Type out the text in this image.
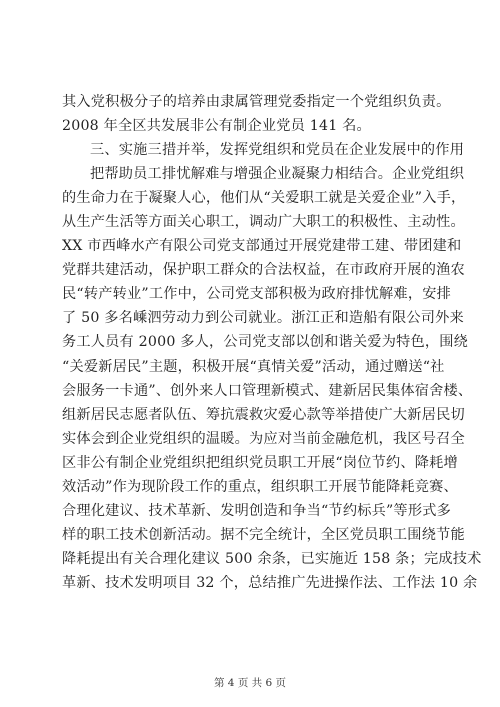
其入党积极分子的培养由隶属管理党委指定一个党组织负责。
2008 年全区共发展非公有制企业党员 141 名。
三、实施三措并举，发挥党组织和党员在企业发展中的作用
把帮助员工排忧解难与增强企业凝聚力相结合。企业党组织
的生命力在于凝聚人心，他们从“关爱职工就是关爱企业”入手，
从生产生活等方面关心职工，调动广大职工的积极性、主动性。
XX 市西峰水产有限公司党支部通过开展党建带工建、带团建和
党群共建活动，保护职工群众的合法权益，在市政府开展的渔农
民“转产转业”工作中，公司党支部积极为政府排忧解难，安排
了 50 多名嵊泗劳动力到公司就业。浙江正和造船有限公司外来
务工人员有 2000 多人，公司党支部以创和谐关爱为特色，围绕
“关爱新居民”主题，积极开展“真情关爱”活动，通过赠送“社
会服务一卡通”、创外来人口管理新模式、建新居民集体宿舍楼、
组新居民志愿者队伍、筹抗震救灾爱心款等举措使广大新居民切
实体会到企业党组织的温暖。为应对当前金融危机，我区号召全
区非公有制企业党组织把组织党员职工开展“岗位节约、降耗增
效活动”作为现阶段工作的重点，组织职工开展节能降耗竞赛、
合理化建议、技术革新、发明创造和争当“节约标兵”等形式多
样的职工技术创新活动。据不完全统计，全区党员职工围绕节能
降耗提出有关合理化建议 500 余条，已实施近 158 条；完成技术
革新、技术发明项目 32 个，总结推广先进操作法、工作法 10 余
第 4 页 共 6 页
